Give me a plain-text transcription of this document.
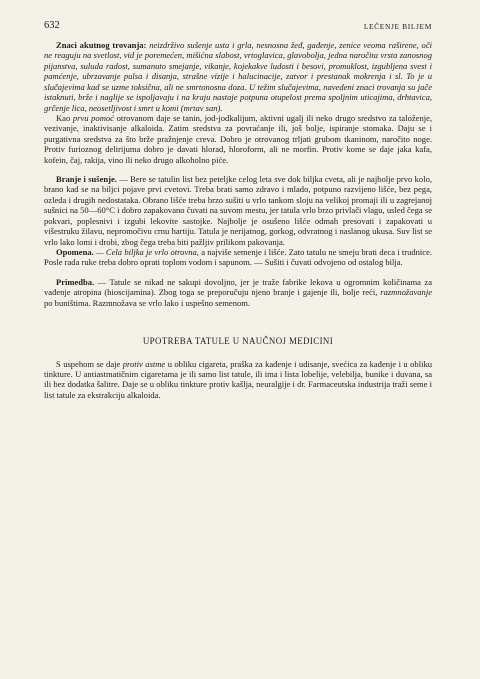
632	LEČENJE BILJEM

Znaci akutnog trovanja: neizdrživo sušenje usta i grla, nesnosna žeđ, gađenje, zenice veoma raširene, oči ne reaguju na svetlost, vid je poremećen, mišićna slabost, vrtoglavica, glavobolja, jedna naročita vrsta zanosnog pijanstva, suluda radost, sumanuto smejanje, vikanje, kojekakve ludosti i besovi, promuklost, izgubljena svest i pamćenje, ubrzavanje pulsa i disanja, strašne vizije i halucinacije, zatvor i prestanak mokrenja i sl. To je u slučajevima kad se uzme toksična, ali ne smrtonosna doza. U težim slučajevima, navedeni znaci trovanja su jače istaknuti, brže i naglije se ispoljavaju i na kraju nastaje potpuna otupelost prema spoljnim uticajima, drhtavica, grčenje lica, neosetljivost i smrt u komi (mrtav san).

Kao prvu pomoć otrovanom daje se tanin, jod-jodkalijum, aktivni ugalj ili neko drugo sredstvo za taloženje, vezivanje, inaktivisanje alkaloida. Zatim sredstva za povraćanje ili, još bolje, ispiranje stomaka. Daju se i purgativna sredstva za što brže pražnjenje creva. Dobro je otrovanog trljati grubom tkaninom, naročito noge. Protiv furioznog delirijuma dobro je davati hlorad, hloroform, ali ne morfin. Protiv kome se daje jaka kafa, kofein, čaj, rakija, vino ili neko drugo alkoholno piće.

Branje i sušenje. — Bere se tatulin list bez peteljke celog leta sve dok biljka cveta, ali je najbolje prvo kolo, brano kad se na biljci pojave prvi cvetovi. Treba brati samo zdravo i mlado, potpuno razvijeno lišće, bez pega, ozleda i drugih nedostataka. Obrano lišće treba brzo sušiti u vrlo tankom sloju na velikoj promaji ili u zagrejanoj sušnici na 50—60°C i dobro zapakovano čuvati na suvom mestu, jer tatula vrlo brzo privlači vlagu, usled čega se pokvari, poplesnivi i izgubi lekovite sastojke. Najbolje je osušeno lišće odmah presovati i zapakovati u višestruku žilavu, nepromočivu crnu hartiju. Tatula je nerijatnog, gorkog, odvratnog i naslanog ukusa. Suv list se vrlo lako lomi i drobi, zbog čega treba biti pažljiv prilikom pakovanja.

Opomena. — Cela biljka je vrlo otrovna, a najviše semenje i lišće. Zato tatulu ne smeju brati deca i trudnice. Posle rada ruke treba dobro oprati toplom vodom i sapunom. — Sušiti i čuvati odvojeno od ostalog bilja.

Primedba. — Tatule se nikad ne sakupi dovoljno, jer je traže fabrike lekova u ogromnim količinama za vađenje atropina (hioscijamina). Zbog toga se preporučuju njeno branje i gajenje ili, bolje reći, razmnožavanje po buništima. Razmnožava se vrlo lako i uspešno semenom.

UPOTREBA TATULE U NAUČNOJ MEDICINI

S uspehom se daje protiv astme u obliku cigareta, praška za kađenje i udisanje, svećica za kađenje i u obliku tinkture. U antiastmatičnim cigaretama je ili samo list tatule, ili ima i lista lobelije, velebilja, bunike i duvana, sa ili bez dodatka šalitre. Daje se u obliku tinkture protiv kašlja, neuralgije i dr. Farmaceutska industrija traži seme i list tatule za ekstrakciju alkaloida.
